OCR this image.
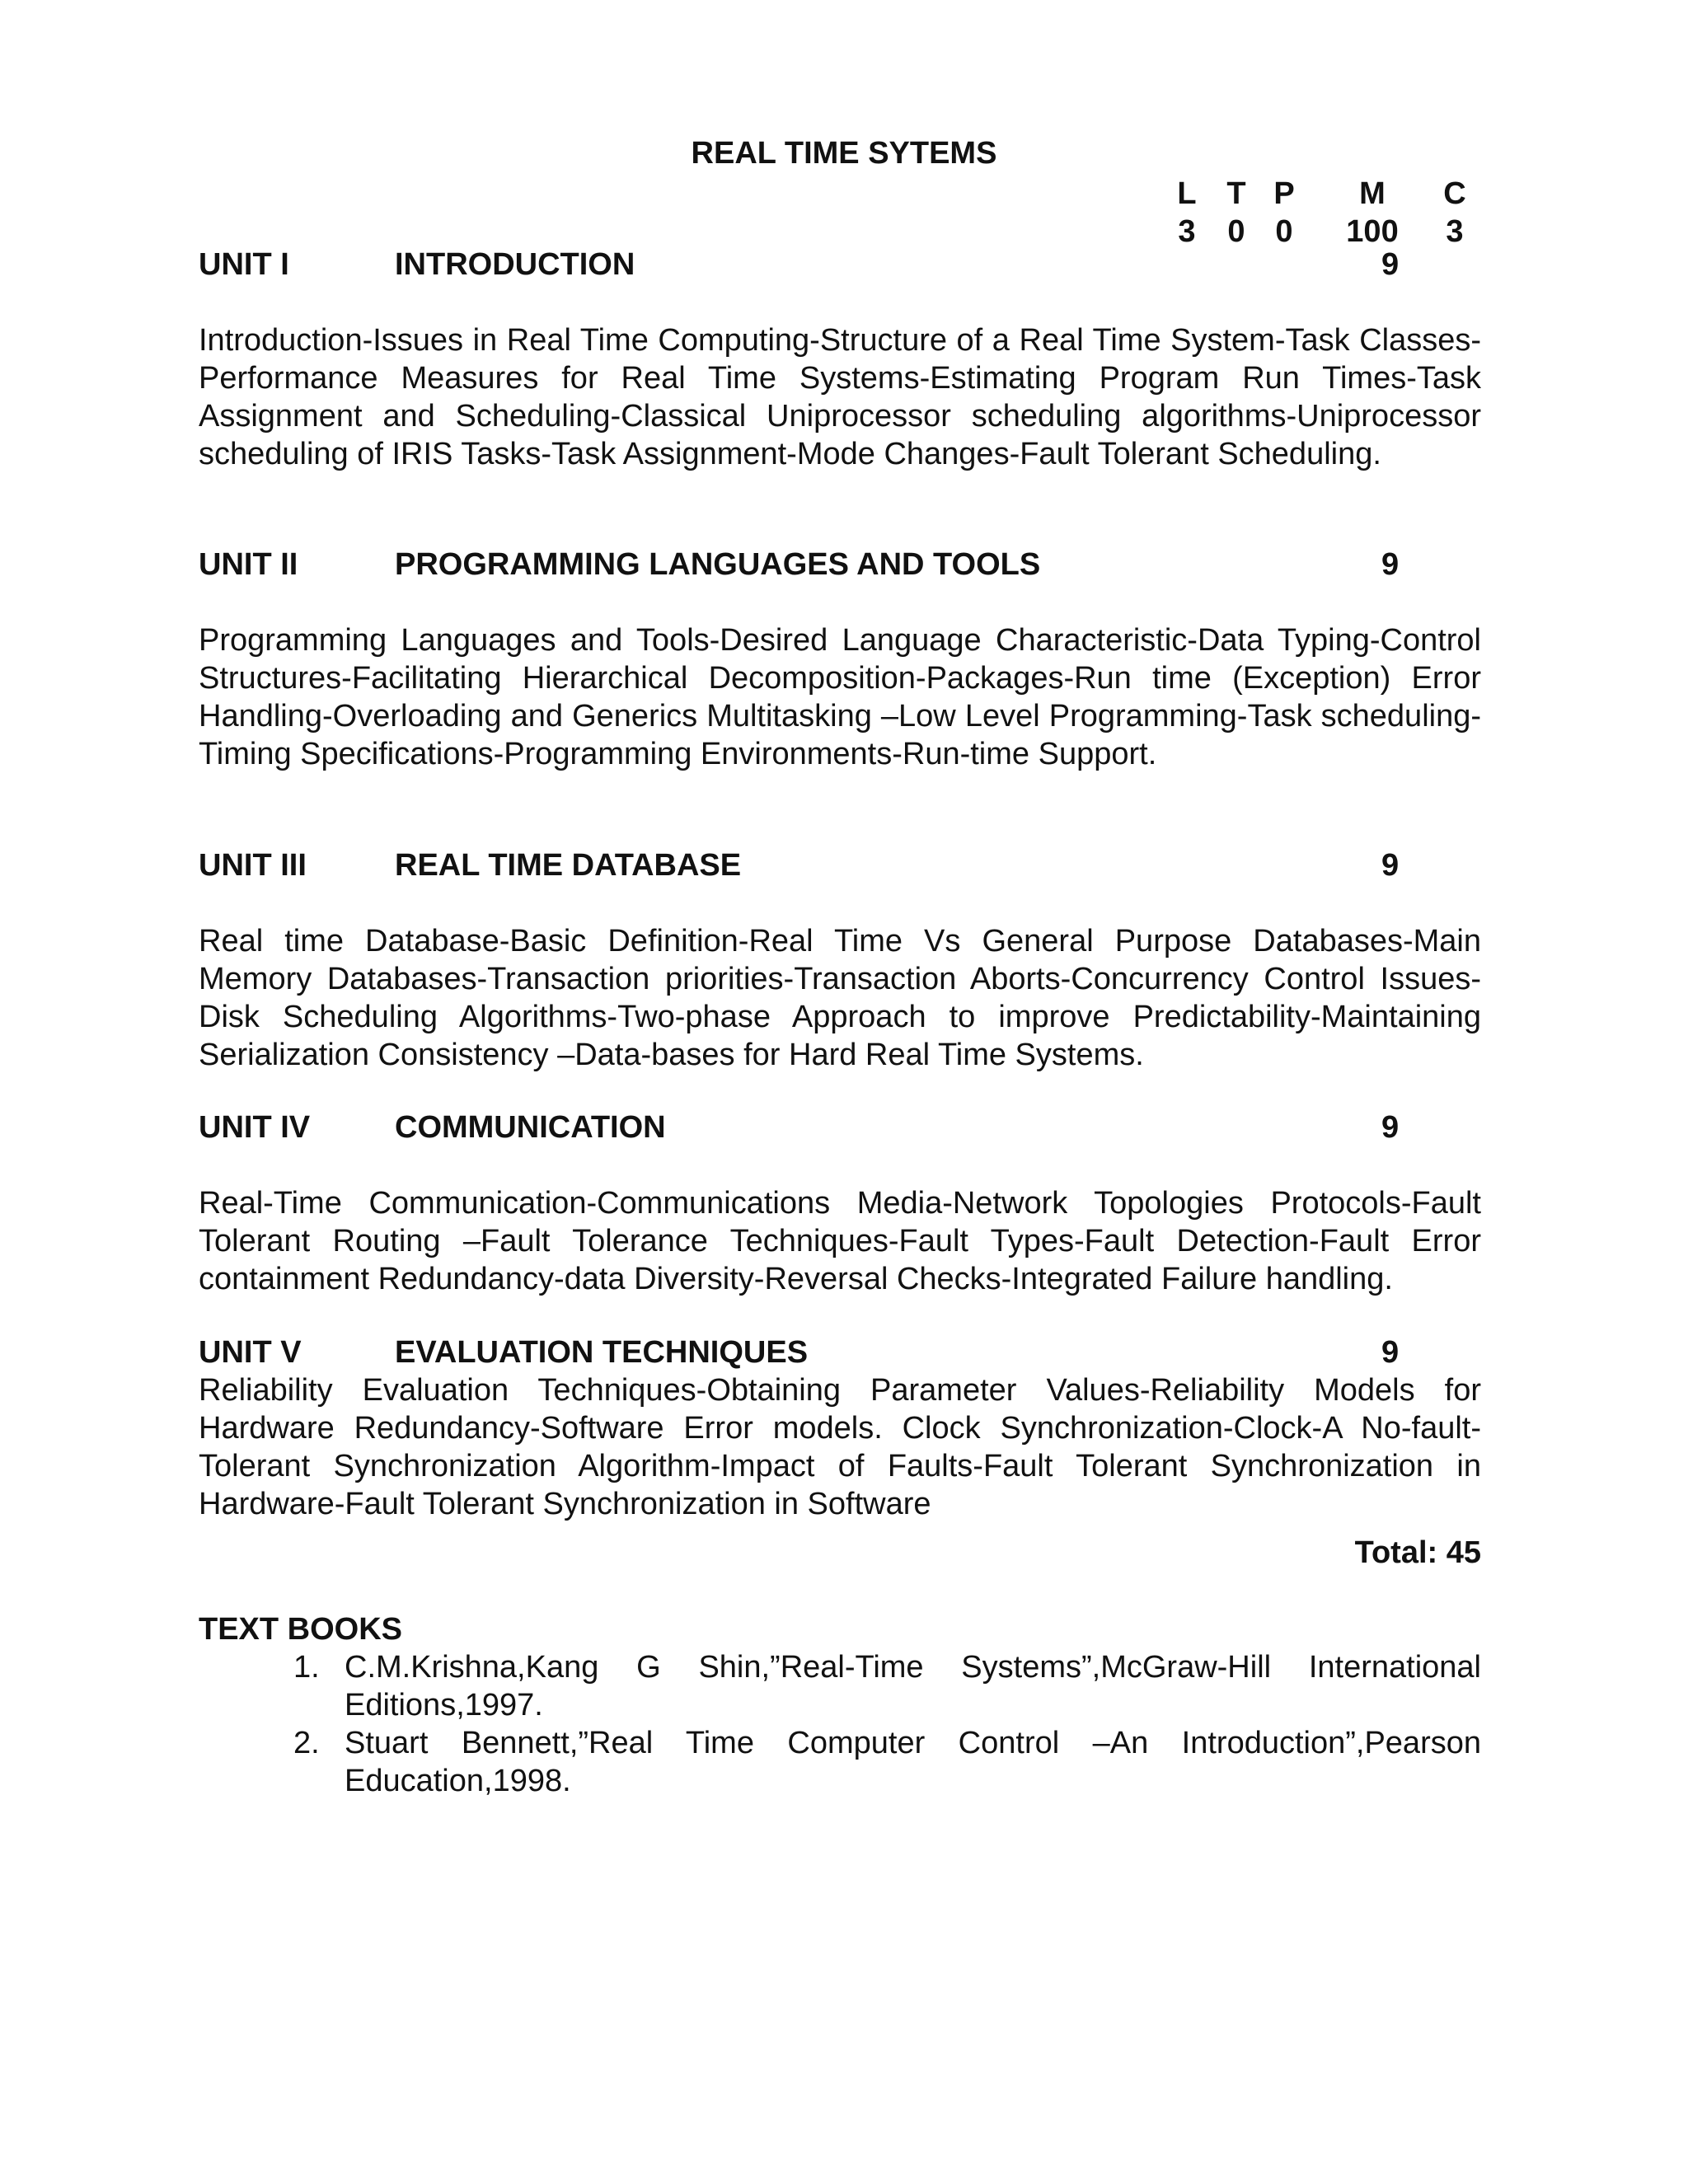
REAL TIME SYTEMS
L T P	M	C
3 0 0	100	3
UNIT I	INTRODUCTION	9

Introduction-Issues in Real Time Computing-Structure of a Real Time System-Task Classes-Performance Measures for Real Time Systems-Estimating Program Run Times-Task Assignment and Scheduling-Classical Uniprocessor scheduling algorithms-Uniprocessor scheduling of IRIS Tasks-Task Assignment-Mode Changes-Fault Tolerant Scheduling.

UNIT II	PROGRAMMING LANGUAGES AND TOOLS	9

Programming Languages and Tools-Desired Language Characteristic-Data Typing-Control Structures-Facilitating Hierarchical Decomposition-Packages-Run time (Exception) Error Handling-Overloading and Generics Multitasking –Low Level Programming-Task scheduling-Timing Specifications-Programming Environments-Run-time Support.

UNIT III	REAL TIME DATABASE	9

Real time Database-Basic Definition-Real Time Vs General Purpose Databases-Main Memory Databases-Transaction priorities-Transaction Aborts-Concurrency Control Issues-Disk Scheduling Algorithms-Two-phase Approach to improve Predictability-Maintaining Serialization Consistency –Data-bases for Hard Real Time Systems.

UNIT IV	COMMUNICATION	9

Real-Time Communication-Communications Media-Network Topologies Protocols-Fault Tolerant Routing –Fault Tolerance Techniques-Fault Types-Fault Detection-Fault Error containment Redundancy-data Diversity-Reversal Checks-Integrated Failure handling.

UNIT V	EVALUATION TECHNIQUES	9

Reliability Evaluation Techniques-Obtaining Parameter Values-Reliability Models for Hardware Redundancy-Software Error models. Clock Synchronization-Clock-A No-fault-Tolerant Synchronization Algorithm-Impact of Faults-Fault Tolerant Synchronization in Hardware-Fault Tolerant Synchronization in Software

Total: 45
TEXT BOOKS
1. C.M.Krishna,Kang G Shin,”Real-Time Systems”,McGraw-Hill International Editions,1997.
2. Stuart Bennett,”Real Time Computer Control –An Introduction”,Pearson Education,1998.
